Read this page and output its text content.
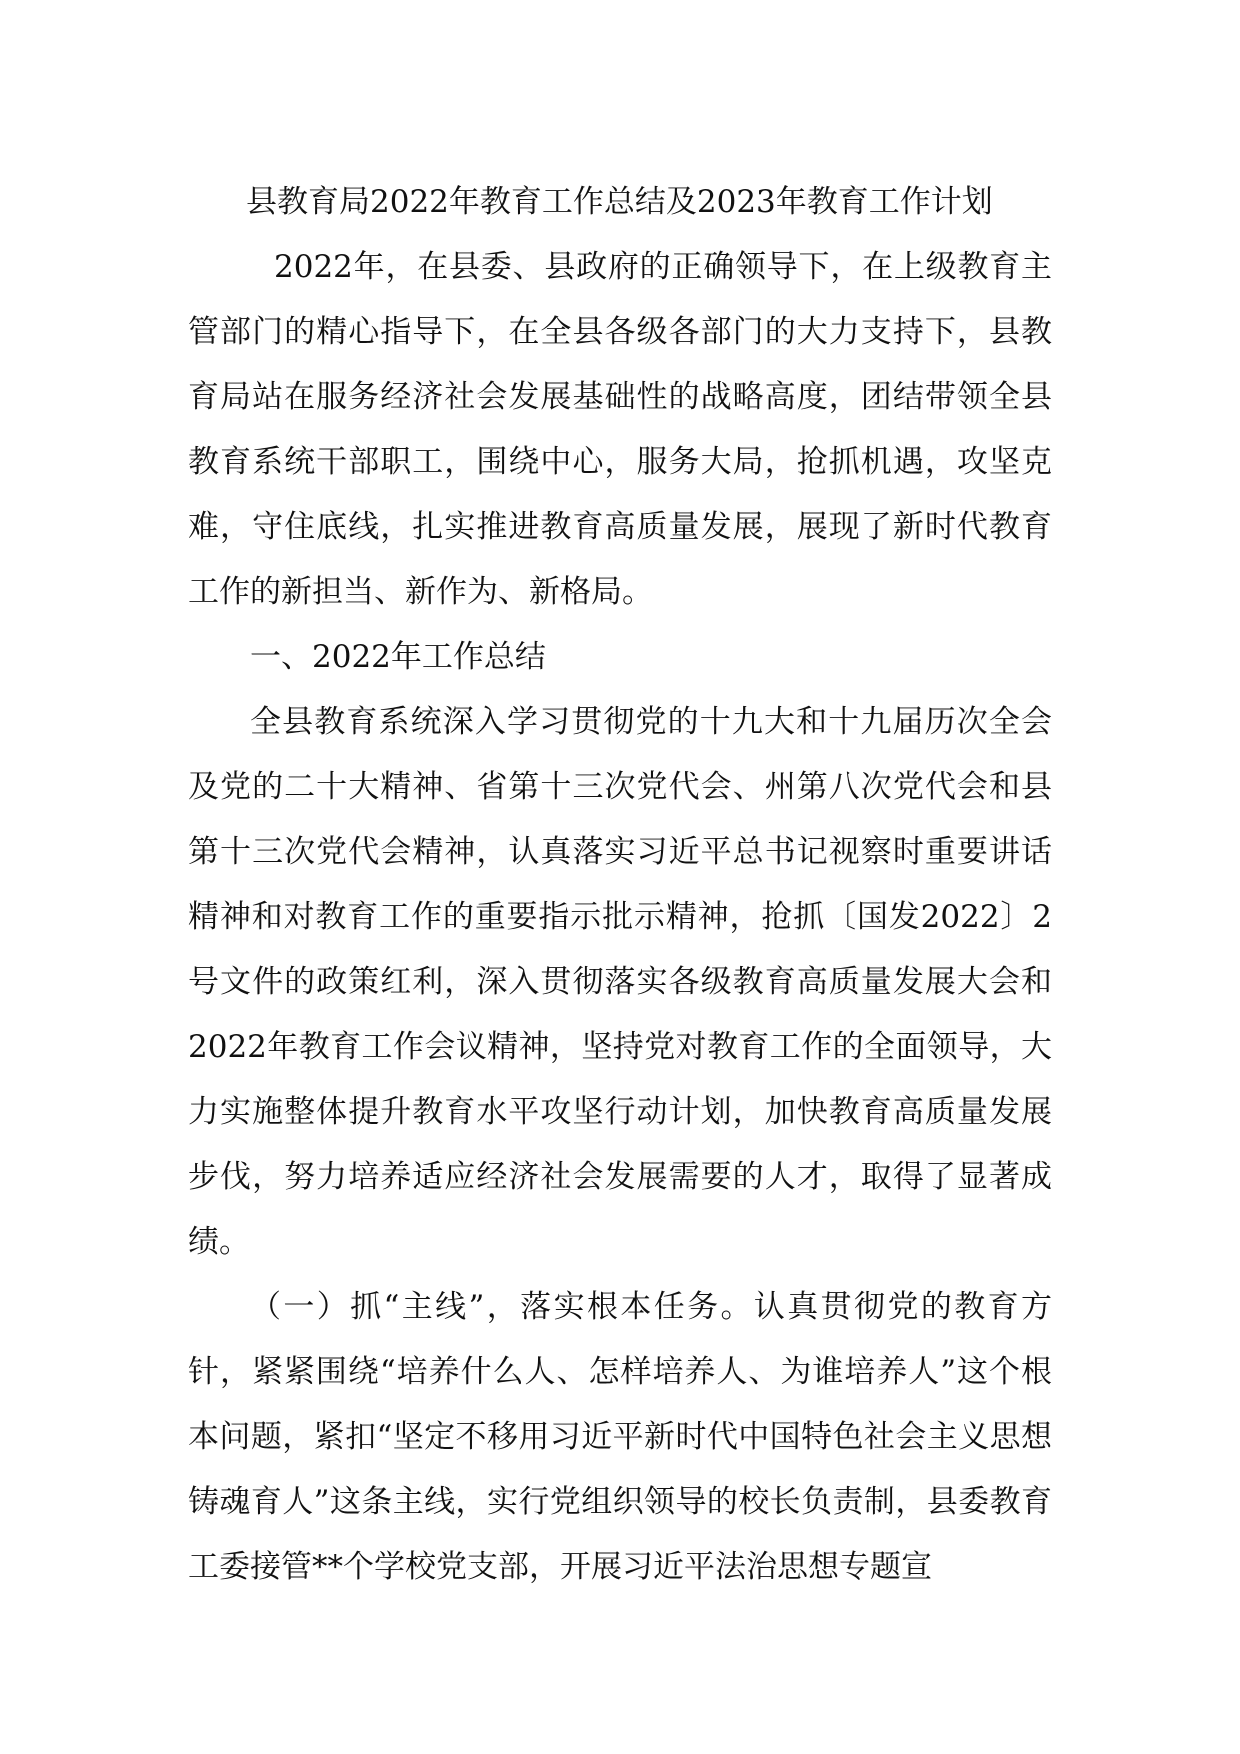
县教育局2022年教育工作总结及2023年教育工作计划

2022年，在县委、县政府的正确领导下，在上级教育主管部门的精心指导下，在全县各级各部门的大力支持下，县教育局站在服务经济社会发展基础性的战略高度，团结带领全县教育系统干部职工，围绕中心，服务大局，抢抓机遇，攻坚克难，守住底线，扎实推进教育高质量发展，展现了新时代教育工作的新担当、新作为、新格局。

一、2022年工作总结

全县教育系统深入学习贯彻党的十九大和十九届历次全会及党的二十大精神、省第十三次党代会、州第八次党代会和县第十三次党代会精神，认真落实习近平总书记视察时重要讲话精神和对教育工作的重要指示批示精神，抢抓〔国发2022〕2号文件的政策红利，深入贯彻落实各级教育高质量发展大会和2022年教育工作会议精神，坚持党对教育工作的全面领导，大力实施整体提升教育水平攻坚行动计划，加快教育高质量发展步伐，努力培养适应经济社会发展需要的人才，取得了显著成绩。

（一）抓“主线”，落实根本任务。认真贯彻党的教育方针，紧紧围绕“培养什么人、怎样培养人、为谁培养人”这个根本问题，紧扣“坚定不移用习近平新时代中国特色社会主义思想铸魂育人”这条主线，实行党组织领导的校长负责制，县委教育工委接管**个学校党支部，开展习近平法治思想专题宣
